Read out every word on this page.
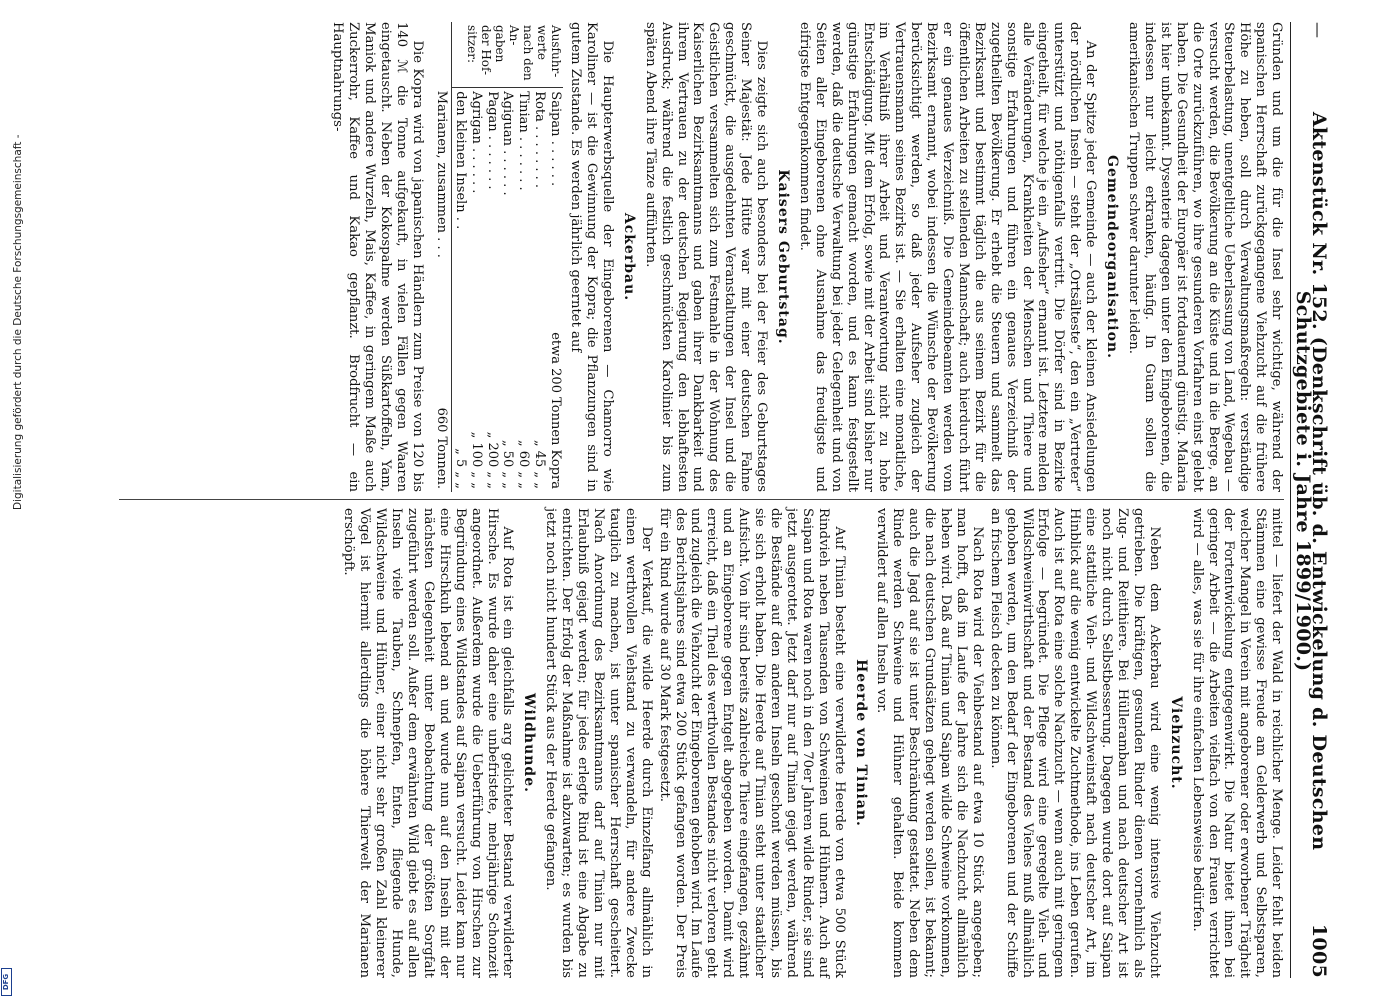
Digitalisierung gefördert durch die Deutsche Forschungsgemeinschaft -
DFG
—
Aktenstück Nr. 152. (Denkschrift üb. d. Entwickelung d. Deutschen Schutzgebiete i. Jahre 1899/1900.)
1005

Gründen und um die für die Insel sehr wichtige, während der spanischen Herrschaft zurückgegangene Viehzucht auf die frühere Höhe zu heben, soll durch Verwaltungsmaßregeln: verständige Steuerbelastung, unentgeltliche Ueberlassung von Land, Wegebau — versucht werden, die Bevölkerung an die Küste und in die Berge, an die Orte zurückzuführen, wo ihre gesunderen Vorfahren einst gelebt haben. Die Gesundheit der Europäer ist fortdauernd günstig. Malaria ist hier unbekannt. Dysenterie dagegen unter den Eingeborenen, die indessen nur leicht erkranken, häufig. In Guam sollen die amerikanischen Truppen schwer darunter leiden.

Gemeindeorganisation.

An der Spitze jeder Gemeinde — auch der kleinen Ansiedelungen der nördlichen Inseln — steht der „Ortsälteste“, den ein „Vertreter“ unterstützt und nöthigenfalls vertritt. Die Dörfer sind in Bezirke eingetheilt, für welche je ein „Aufseher“ ernannt ist. Letztere melden alle Veränderungen, Krankheiten der Menschen und Thiere und sonstige Erfahrungen und führen ein genaues Verzeichniß der zugetheilten Bevölkerung. Er erhebt die Steuern und sammelt das Bezirksamt und bestimmt täglich die aus seinem Bezirk für die öffentlichen Arbeiten zu stellenden Mannschaft; auch hierdurch führt er ein genaues Verzeichniß. Die Gemeindebeamten werden vom Bezirksamt ernannt, wobei indessen die Wünsche der Bevölkerung berücksichtigt werden, so daß jeder Aufseher zugleich der Vertrauensmann seines Bezirks ist. — Sie erhalten eine monatliche, im Verhältniß ihrer Arbeit und Verantwortung nicht zu hohe Entschädigung. Mit dem Erfolg, sowie mit der Arbeit sind bisher nur günstige Erfahrungen gemacht worden, und es kann festgestellt werden, daß die deutsche Verwaltung bei jeder Gelegenheit und von Seiten aller Eingeborenen ohne Ausnahme das freudigste und eifrigste Entgegenkommen findet.

Kaisers Geburtstag.

Dies zeigte sich auch besonders bei der Feier des Geburtstages Seiner Majestät: Jede Hütte war mit einer deutschen Fahne geschmückt, die ausgedehnten Veranstaltungen der Insel und die Geistlichen versammelten sich zum Festmahle in der Wohnung des Kaiserlichen Bezirksamtmanns und gaben ihrer Dankbarkeit und ihrem Vertrauen zu der deutschen Regierung den lebhaftesten Ausdruck; während die festlich geschmückten Karolinier bis zum späten Abend ihre Tänze aufführten.

Ackerbau.

Die Haupterwerbsquelle der Eingeborenen — Chamorro wie Karoliner — ist die Gewinnung der Kopra; die Pflanzungen sind in gutem Zustande. Es werden jährlich geerntet auf

Ausfuhr- werte nach den An- gaben der Hof- sitzer:	Saipan . . . . . .	etwa 200 Tonnen Kopra
	Rota . . . . . . . .	„ 45 „ „
	Tinian . . . . . . .	„ 60 „ „
	Agiguan . . . . . .	„ 50 „ „
	Pagan . . . . . . .	„ 200 „ „
	Agrigan . . . . . .	„ 100 „ „
	den kleinen Inseln . .	„ 5 „ „
	Marianen, zusammen . . .	660 Tonnen.

Die Kopra wird von japanischen Händlern zum Preise von 120 bis 140 ℳ die Tonne aufgekauft, in vielen Fällen gegen Waaren eingetauscht. Neben der Kokospalme werden Süßkartoffeln, Yam, Maniok und andere Wurzeln, Mais, Kaffee, in geringem Maße auch Zuckerrohr, Kaffee und Kakao gepflanzt. Brodfrucht — ein Hauptnahrungs-

mittel — liefert der Wald in reichlicher Menge. Leider fehlt beiden Stämmen eine gewisse Freude am Gelderwerb und Selbstsparen, welcher Mangel in Verein mit angeborener oder erworbener Trägheit der Fortentwickelung entgegenwirkt. Die Natur bietet ihnen bei geringer Arbeit — die Arbeiten vielfach von den Frauen verrichtet wird — alles, was sie für ihre einfachen Lebensweise bedürfen.

Viehzucht.

Neben dem Ackerbau wird eine wenig intensive Viehzucht getrieben. Die kräftigen, gesunden Rinder dienen vornehmlich als Zug- und Reitthiere. Bei Hülleramban und nach deutscher Art ist noch nicht durch Selbstbesserung. Dagegen wurde dort auf Saipan eine stattliche Vieh- und Wildschweinstaft nach deutscher Art, im Hinblick auf die wenig entwickelte Zuchtmethode, ins Leben gerufen. Auch ist auf Rota eine solche Nachzucht — wenn auch mit geringem Erfolge — begründet. Die Pflege wird eine geregelte Vieh- und Wildschweinwirthschaft und der Bestand des Viehes muß allmählich gehoben werden, um den Bedarf der Eingeborenen und der Schiffe an frischem Fleisch decken zu können.

Nach Rota wird der Viehbestand auf etwa 10 Stück angegeben; man hofft, daß im Laufe der Jahre sich die Nachzucht allmählich heben wird. Daß auf Tinian und Saipan wilde Schweine vorkommen, die nach deutschen Grundsätzen gehegt werden sollen, ist bekannt; auch die Jagd auf sie ist unter Beschränkung gestattet. Neben dem Rinde werden Schweine und Hühner gehalten. Beide kommen verwildert auf allen Inseln vor.

Heerde von Tinian.

Auf Tinian besteht eine verwilderte Heerde von etwa 500 Stück Rindvieh neben Tausenden von Schweinen und Hühnern. Auch auf Saipan und Rota waren noch in den 70er Jahren wilde Rinder, sie sind jetzt ausgerottet. Jetzt darf nur auf Tinian gejagt werden, während die Bestände auf den anderen Inseln geschont werden müssen, bis sie sich erholt haben. Die Heerde auf Tinian steht unter staatlicher Aufsicht. Von ihr sind bereits zahlreiche Thiere eingefangen, gezähmt und an Eingeborene gegen Entgelt abgegeben worden. Damit wird erreicht, daß ein Theil des werthvollen Bestandes nicht verloren geht und zugleich die Viehzucht der Eingeborenen gehoben wird. Im Laufe des Berichtsjahres sind etwa 200 Stück gefangen worden. Der Preis für ein Rind wurde auf 30 Mark festgesetzt.

Der Verkauf, die wilde Heerde durch Einzelfang allmählich in einen werthvollen Viehstand zu verwandeln, für andere Zwecke tauglich zu machen, ist unter spanischer Herrschaft gescheitert. Nach Anordnung des Bezirksamtmanns darf auf Tinian nur mit Erlaubniß gejagt werden; für jedes erlegte Rind ist eine Abgabe zu entrichten. Der Erfolg der Maßnahme ist abzuwarten; es wurden bis jetzt noch nicht hundert Stück aus der Heerde gefangen.

Wildhunde.

Auf Rota ist ein gleichfalls arg gelichteter Bestand verwilderter Hirsche. Es wurde daher eine unbefristete, mehrjährige Schonzeit angeordnet. Außerdem wurde die Ueberführung von Hirschen zur Begründung eines Wildstandes auf Saipan versucht. Leider kam nur eine Hirschkuh lebend an und wurde nun auf den Inseln mit der nächsten Gelegenheit unter Beobachtung der größten Sorgfalt zugeführt werden soll. Außer dem erwähnten Wild giebt es auf allen Inseln viele Tauben, Schnepfen, Enten, fliegende Hunde, Wildschweine und Hühner, einer nicht sehr großen Zahl kleinerer Vögel ist hiermit allerdings die höhere Thierwelt der Marianen erschöpft.
